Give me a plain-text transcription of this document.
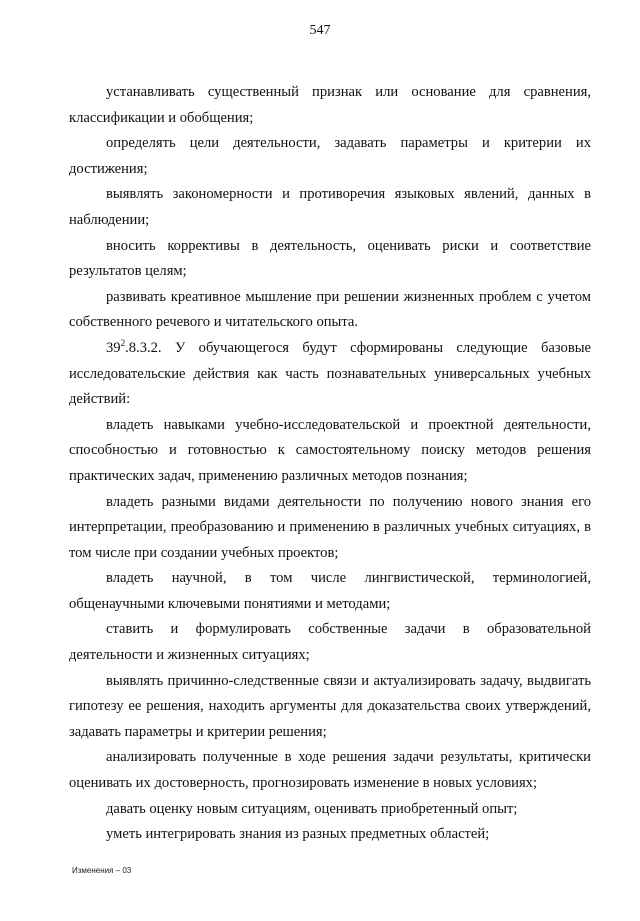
547

устанавливать существенный признак или основание для сравнения, классификации и обобщения;

определять цели деятельности, задавать параметры и критерии их достижения;

выявлять закономерности и противоречия языковых явлений, данных в наблюдении;

вносить коррективы в деятельность, оценивать риски и соответствие результатов целям;

развивать креативное мышление при решении жизненных проблем с учетом собственного речевого и читательского опыта.

$39^2.8.3.2$. У обучающегося будут сформированы следующие базовые исследовательские действия как часть познавательных универсальных учебных действий:

владеть навыками учебно-исследовательской и проектной деятельности, способностью и готовностью к самостоятельному поиску методов решения практических задач, применению различных методов познания;

владеть разными видами деятельности по получению нового знания его интерпретации, преобразованию и применению в различных учебных ситуациях, в том числе при создании учебных проектов;

владеть научной, в том числе лингвистической, терминологией, общенаучными ключевыми понятиями и методами;

ставить и формулировать собственные задачи в образовательной деятельности и жизненных ситуациях;

выявлять причинно-следственные связи и актуализировать задачу, выдвигать гипотезу ее решения, находить аргументы для доказательства своих утверждений, задавать параметры и критерии решения;

анализировать полученные в ходе решения задачи результаты, критически оценивать их достоверность, прогнозировать изменение в новых условиях;

давать оценку новым ситуациям, оценивать приобретенный опыт;

уметь интегрировать знания из разных предметных областей;

Изменения – 03
